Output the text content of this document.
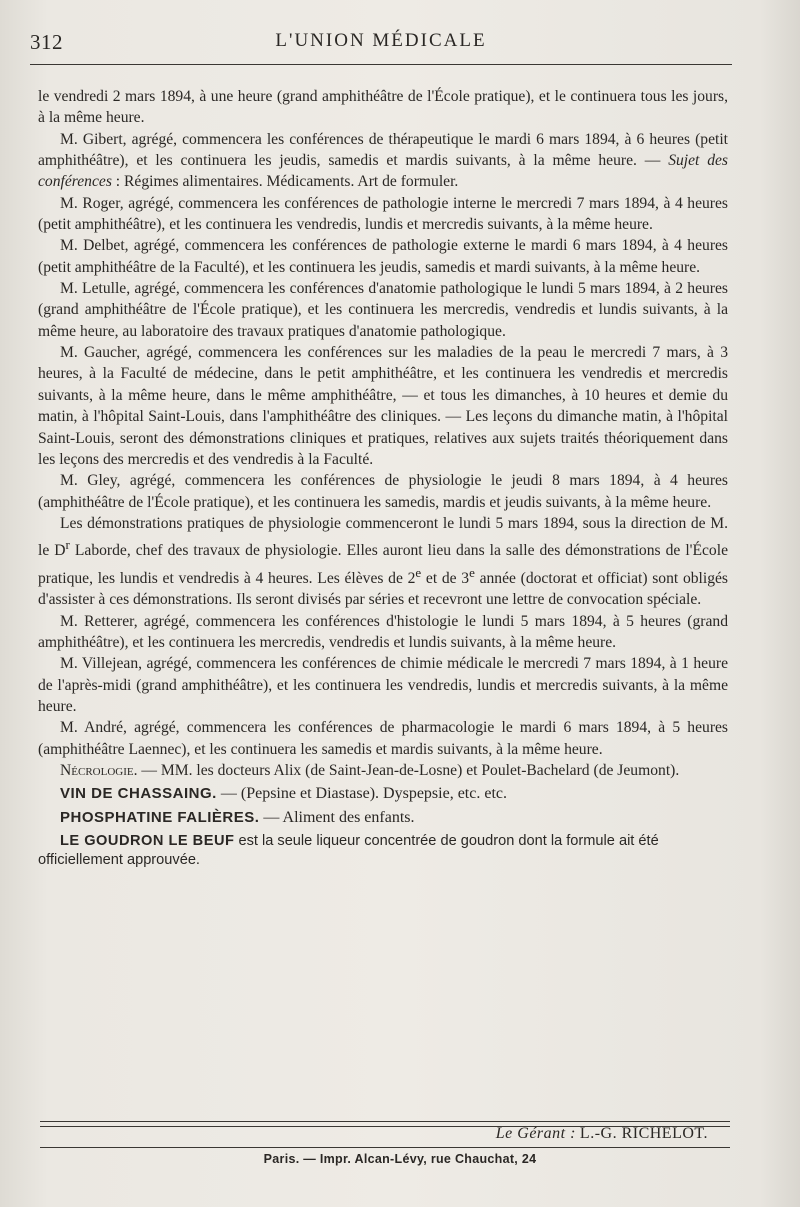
312	L'UNION MÉDICALE

le vendredi 2 mars 1894, à une heure (grand amphithéâtre de l'École pratique), et le continuera tous les jours, à la même heure.

M. Gibert, agrégé, commencera les conférences de thérapeutique le mardi 6 mars 1894, à 6 heures (petit amphithéâtre), et les continuera les jeudis, samedis et mardis suivants, à la même heure. — Sujet des conférences : Régimes alimentaires. Médicaments. Art de formuler.

M. Roger, agrégé, commencera les conférences de pathologie interne le mercredi 7 mars 1894, à 4 heures (petit amphithéâtre), et les continuera les vendredis, lundis et mercredis suivants, à la même heure.

M. Delbet, agrégé, commencera les conférences de pathologie externe le mardi 6 mars 1894, à 4 heures (petit amphithéâtre de la Faculté), et les continuera les jeudis, samedis et mardi suivants, à la même heure.

M. Letulle, agrégé, commencera les conférences d'anatomie pathologique le lundi 5 mars 1894, à 2 heures (grand amphithéâtre de l'École pratique), et les continuera les mercredis, vendredis et lundis suivants, à la même heure, au laboratoire des travaux pratiques d'anatomie pathologique.

M. Gaucher, agrégé, commencera les conférences sur les maladies de la peau le mercredi 7 mars, à 3 heures, à la Faculté de médecine, dans le petit amphithéâtre, et les continuera les vendredis et mercredis suivants, à la même heure, dans le même amphithéâtre, — et tous les dimanches, à 10 heures et demie du matin, à l'hôpital Saint-Louis, dans l'amphithéâtre des cliniques. — Les leçons du dimanche matin, à l'hôpital Saint-Louis, seront des démonstrations cliniques et pratiques, relatives aux sujets traités théoriquement dans les leçons des mercredis et des vendredis à la Faculté.

M. Gley, agrégé, commencera les conférences de physiologie le jeudi 8 mars 1894, à 4 heures (amphithéâtre de l'École pratique), et les continuera les samedis, mardis et jeudis suivants, à la même heure.

Les démonstrations pratiques de physiologie commenceront le lundi 5 mars 1894, sous la direction de M. le $D^r$ Laborde, chef des travaux de physiologie. Elles auront lieu dans la salle des démonstrations de l'École pratique, les lundis et vendredis à 4 heures. Les élèves de 2e et de 3e année (doctorat et officiat) sont obligés d'assister à ces démonstrations. Ils seront divisés par séries et recevront une lettre de convocation spéciale.

M. Retterer, agrégé, commencera les conférences d'histologie le lundi 5 mars 1894, à 5 heures (grand amphithéâtre), et les continuera les mercredis, vendredis et lundis suivants, à la même heure.

M. Villejean, agrégé, commencera les conférences de chimie médicale le mercredi 7 mars 1894, à 1 heure de l'après-midi (grand amphithéâtre), et les continuera les vendredis, lundis et mercredis suivants, à la même heure.

M. André, agrégé, commencera les conférences de pharmacologie le mardi 6 mars 1894, à 5 heures (amphithéâtre Laennec), et les continuera les samedis et mardis suivants, à la même heure.

Nécrologie. — MM. les docteurs Alix (de Saint-Jean-de-Losne) et Poulet-Bachelard (de Jeumont).

VIN DE CHASSAING. — (Pepsine et Diastase). Dyspepsie, etc. etc.

PHOSPHATINE FALIÈRES. — Aliment des enfants.

LE GOUDRON LE BEUF est la seule liqueur concentrée de goudron dont la formule ait été officiellement approuvée.

Le Gérant : L.-G. RICHELOT.
Paris. — Impr. Alcan-Lévy, rue Chauchat, 24
